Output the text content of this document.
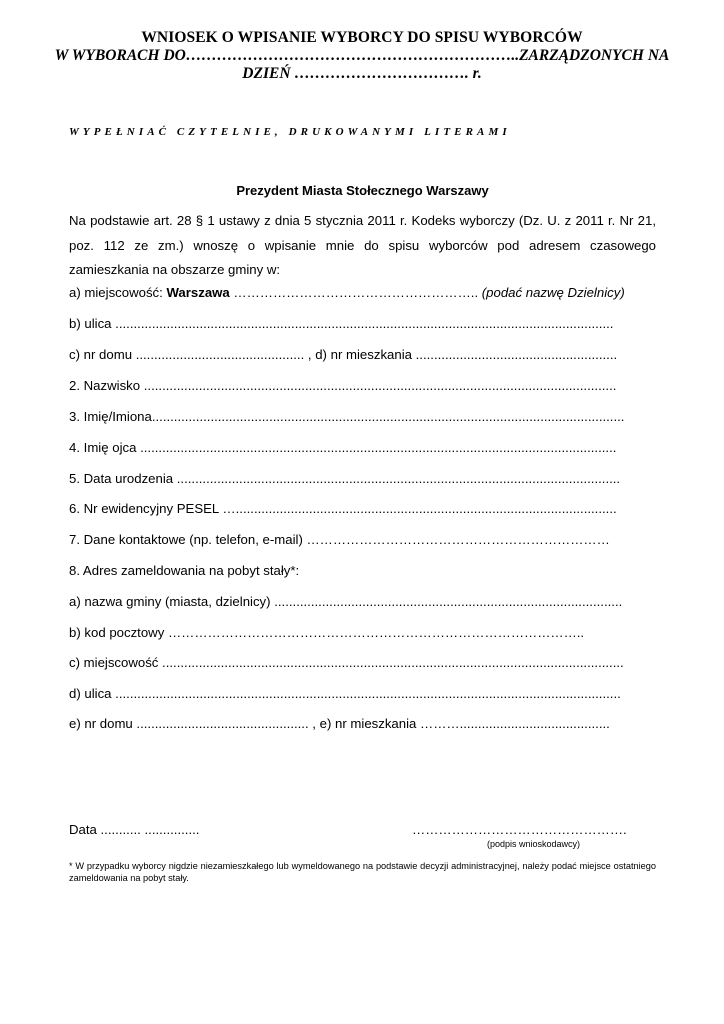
WNIOSEK O WPISANIE WYBORCY DO SPISU WYBORCÓW
W WYBORACH DO………………………………………………………..ZARZĄDZONYCH NA
DZIEŃ ……………………………. r.
WYPEŁNIAĆ CZYTELNIE, DRUKOWANYMI LITERAMI
Prezydent Miasta Stołecznego Warszawy
Na podstawie art. 28 § 1 ustawy z dnia 5 stycznia 2011 r. Kodeks wyborczy (Dz. U. z 2011 r. Nr 21, poz. 112 ze zm.) wnoszę o wpisanie mnie do spisu wyborców pod adresem czasowego zamieszkania na obszarze gminy w:
a) miejscowość: Warszawa ……………………………………………….. (podać nazwę Dzielnicy)
b) ulica ........................................................................................................................................
c) nr domu .............................................. , d) nr mieszkania .......................................................
2. Nazwisko .................................................................................................................................
3. Imię/Imiona.................................................................................................................................
4. Imię ojca ..................................................................................................................................
5. Data urodzenia .........................................................................................................................
6. Nr ewidencyjny PESEL …........................................................................................................
7. Dane kontaktowe (np. telefon, e-mail) ……………………………………………………………
8. Adres zameldowania na pobyt stały*:
a) nazwa gminy (miasta, dzielnicy) ...............................................................................................
b) kod pocztowy …………………………………………………………………………………..
c) miejscowość ..............................................................................................................................
d) ulica ..........................................................................................................................................
e) nr domu ............................................... , e) nr mieszkania ……….........................................
Data ........... ...............	………………………………………….
(podpis wnioskodawcy)
* W przypadku wyborcy nigdzie niezamieszkałego lub wymeldowanego na podstawie decyzji administracyjnej, należy podać miejsce ostatniego zameldowania na pobyt stały.
